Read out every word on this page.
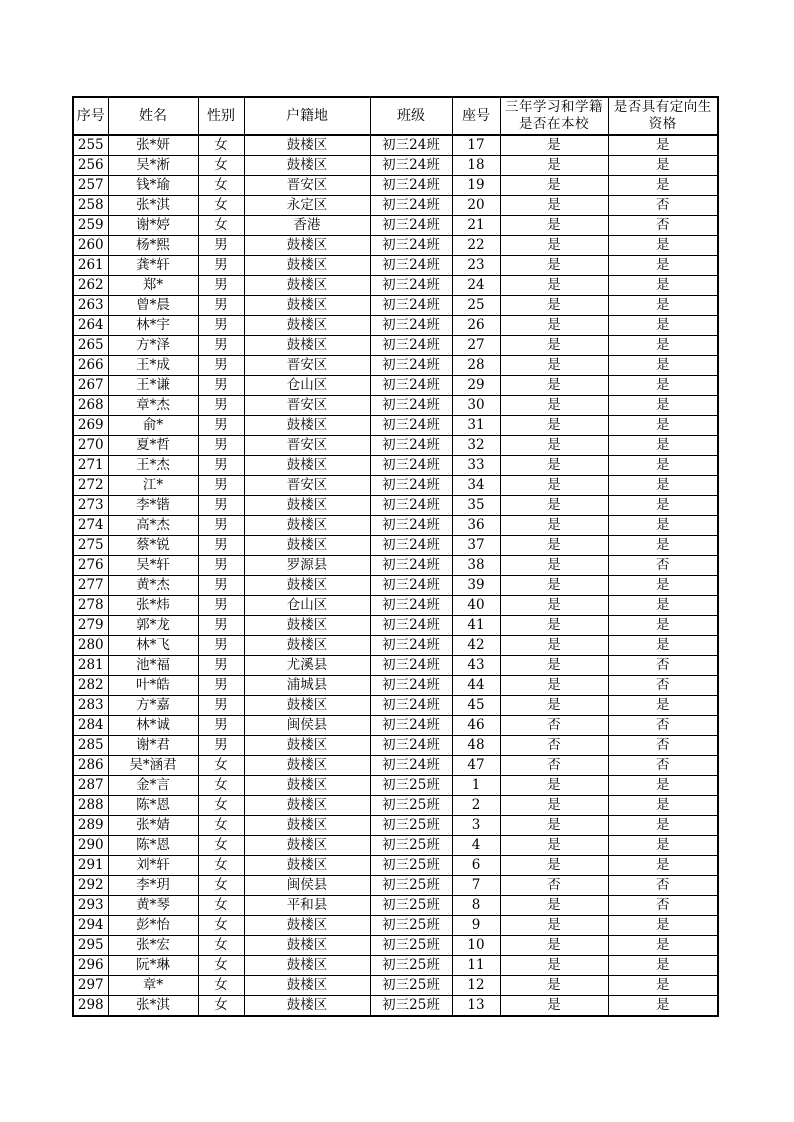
序号	姓名	性别	户籍地	班级	座号	三年学习和学籍是否在本校	是否具有定向生资格
255	张*妍	女	鼓楼区	初三24班	17	是	是
256	吴*淅	女	鼓楼区	初三24班	18	是	是
257	钱*瑜	女	晋安区	初三24班	19	是	是
258	张*淇	女	永定区	初三24班	20	是	否
259	谢*婷	女	香港	初三24班	21	是	否
260	杨*熙	男	鼓楼区	初三24班	22	是	是
261	龚*轩	男	鼓楼区	初三24班	23	是	是
262	郑*	男	鼓楼区	初三24班	24	是	是
263	曾*晨	男	鼓楼区	初三24班	25	是	是
264	林*宇	男	鼓楼区	初三24班	26	是	是
265	方*泽	男	鼓楼区	初三24班	27	是	是
266	王*成	男	晋安区	初三24班	28	是	是
267	王*谦	男	仓山区	初三24班	29	是	是
268	章*杰	男	晋安区	初三24班	30	是	是
269	俞*	男	鼓楼区	初三24班	31	是	是
270	夏*哲	男	晋安区	初三24班	32	是	是
271	王*杰	男	鼓楼区	初三24班	33	是	是
272	江*	男	晋安区	初三24班	34	是	是
273	李*锴	男	鼓楼区	初三24班	35	是	是
274	高*杰	男	鼓楼区	初三24班	36	是	是
275	蔡*锐	男	鼓楼区	初三24班	37	是	是
276	吴*轩	男	罗源县	初三24班	38	是	否
277	黄*杰	男	鼓楼区	初三24班	39	是	是
278	张*炜	男	仓山区	初三24班	40	是	是
279	郭*龙	男	鼓楼区	初三24班	41	是	是
280	林*飞	男	鼓楼区	初三24班	42	是	是
281	池*福	男	尤溪县	初三24班	43	是	否
282	叶*皓	男	浦城县	初三24班	44	是	否
283	方*嘉	男	鼓楼区	初三24班	45	是	是
284	林*诚	男	闽侯县	初三24班	46	否	否
285	谢*君	男	鼓楼区	初三24班	48	否	否
286	吴*涵君	女	鼓楼区	初三24班	47	否	否
287	金*言	女	鼓楼区	初三25班	1	是	是
288	陈*恩	女	鼓楼区	初三25班	2	是	是
289	张*婧	女	鼓楼区	初三25班	3	是	是
290	陈*恩	女	鼓楼区	初三25班	4	是	是
291	刘*轩	女	鼓楼区	初三25班	6	是	是
292	李*玥	女	闽侯县	初三25班	7	否	否
293	黄*琴	女	平和县	初三25班	8	是	否
294	彭*怡	女	鼓楼区	初三25班	9	是	是
295	张*宏	女	鼓楼区	初三25班	10	是	是
296	阮*琳	女	鼓楼区	初三25班	11	是	是
297	章*	女	鼓楼区	初三25班	12	是	是
298	张*淇	女	鼓楼区	初三25班	13	是	是
